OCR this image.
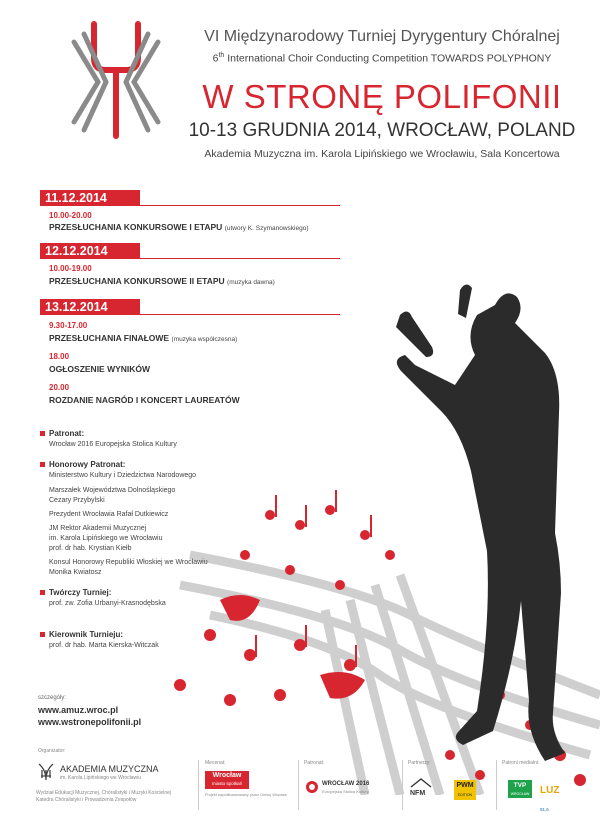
VI Międzynarodowy Turniej Dyrygentury Chóralnej
6th International Choir Conducting Competition TOWARDS POLYPHONY
W STRONĘ POLIFONII
10-13 GRUDNIA 2014, WROCŁAW, POLAND
Akademia Muzyczna im. Karola Lipińskiego we Wrocławiu, Sala Koncertowa
11.12.2014
10.00-20.00
PRZESŁUCHANIA KONKURSOWE I ETAPU (utwory K. Szymanowskiego)
12.12.2014
10.00-19.00
PRZESŁUCHANIA KONKURSOWE II ETAPU (muzyka dawna)
13.12.2014
9.30-17.00
PRZESŁUCHANIA FINAŁOWE (muzyka współczesna)
18.00
OGŁOSZENIE WYNIKÓW
20.00
ROZDANIE NAGRÓD I KONCERT LAUREATÓW
Patronat:
Wrocław 2016 Europejska Stolica Kultury
Honorowy Patronat:
Ministerstwo Kultury i Dziedzictwa Narodowego
Marszałek Województwa Dolnośląskiego
Cezary Przybylski
Prezydent Wrocławia Rafał Dutkiewicz
JM Rektor Akademii Muzycznej
im. Karola Lipińskiego we Wrocławiu
prof. dr hab. Krystian Kiełb
Konsul Honorowy Republiki Włoskiej we Wrocławiu
Monika Kwiatosz
Twórczy Turniej:
prof. zw. Zofia Urbanyi-Krasnodębska
Kierownik Turnieju:
prof. dr hab. Marta Kierska-Witczak
szczegóły:
www.amuz.wroc.pl
www.wstronepolifonii.pl
Organizator:
AKADEMIA MUZYCZNA
im. Karola Lipińskiego we Wrocławiu
Wydział Edukacji Muzycznej, Chóralistyki i Muzyki Kościelnej
Katedra Chóralistyki i Prowadzenia Zespołów
Mecenat:
Wrocław
miasto spotkań
Projekt współfinansowany przez Gminę Wrocław
Patronat:
WROCŁAW 2016
Europejska Stolica Kultury
Partnerzy:
NFM
PWM
EDITION
Patroni medialni:
TVP
WROCŁAW LUZ 91,6
